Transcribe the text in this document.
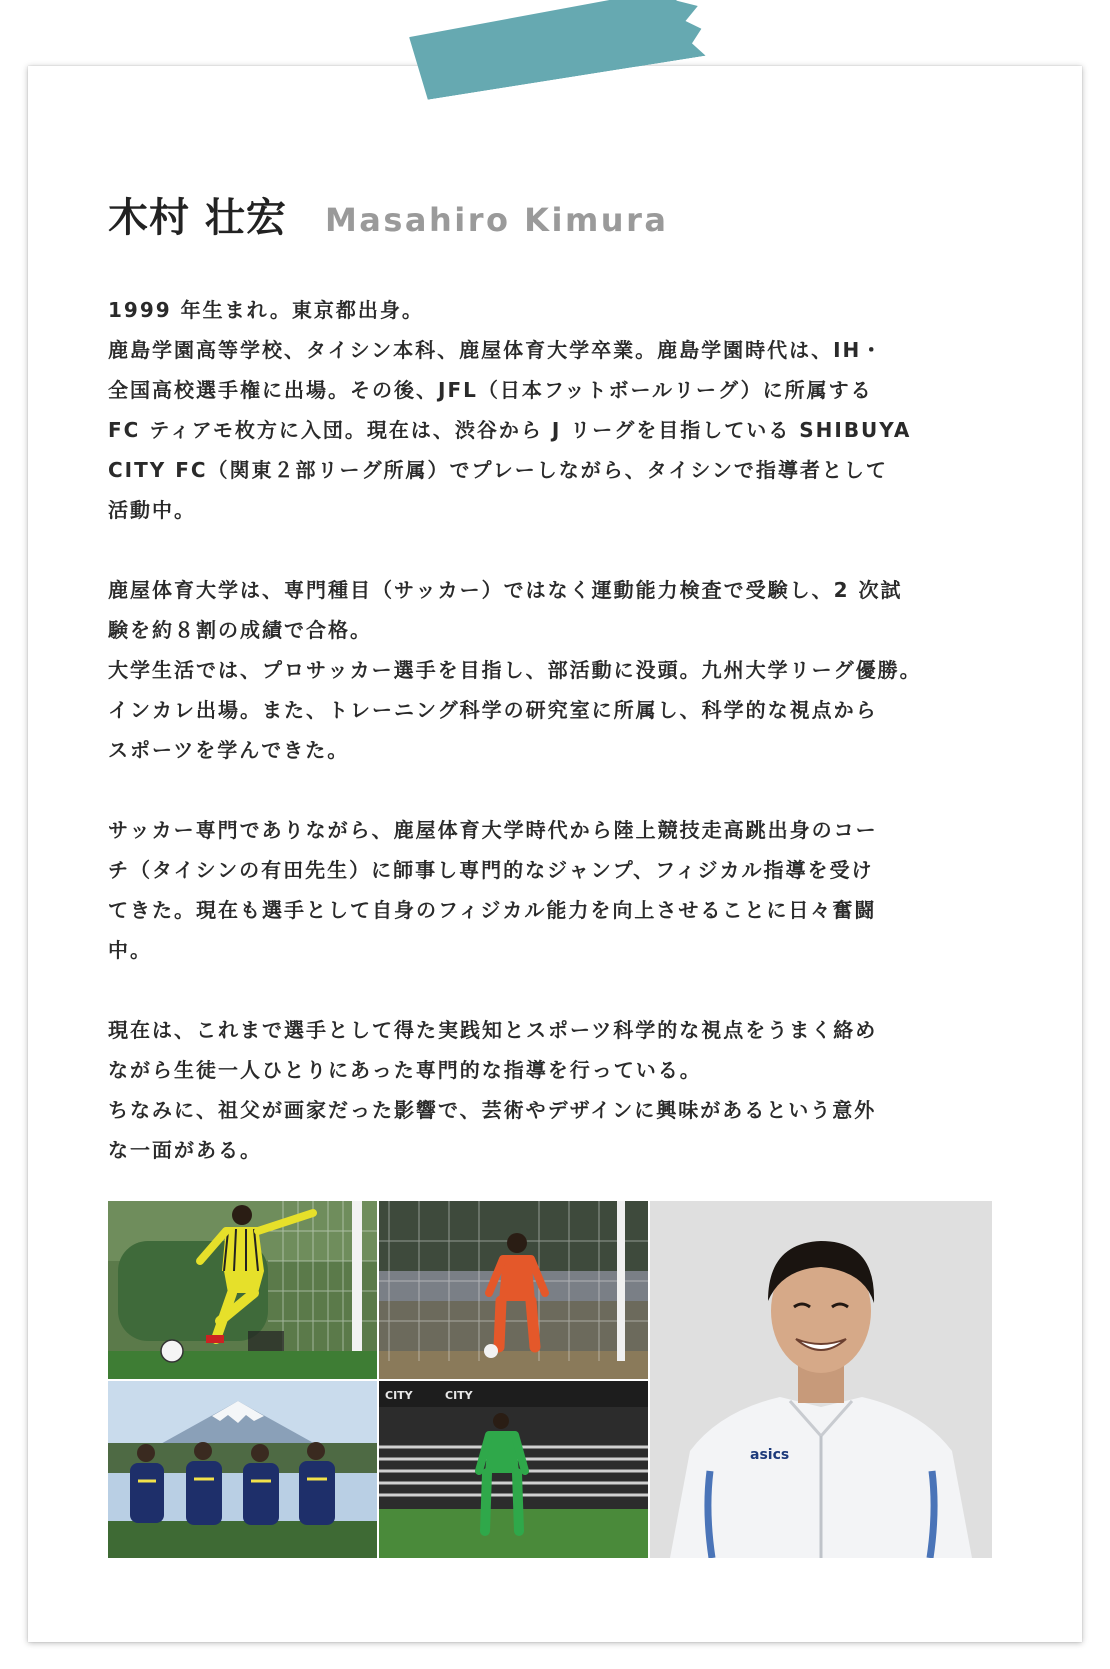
木村 壮宏 Masahiro Kimura
1999 年生まれ。東京都出身。
鹿島学園高等学校、タイシン本科、鹿屋体育大学卒業。鹿島学園時代は、IH・
全国高校選手権に出場。その後、JFL（日本フットボールリーグ）に所属する
FC ティアモ枚方に入団。現在は、渋谷から J リーグを目指している SHIBUYA
CITY FC（関東２部リーグ所属）でプレーしながら、タイシンで指導者として
活動中。
鹿屋体育大学は、専門種目（サッカー）ではなく運動能力検査で受験し、2 次試
験を約８割の成績で合格。
大学生活では、プロサッカー選手を目指し、部活動に没頭。九州大学リーグ優勝。
インカレ出場。また、トレーニング科学の研究室に所属し、科学的な視点から
スポーツを学んできた。
サッカー専門でありながら、鹿屋体育大学時代から陸上競技走高跳出身のコー
チ（タイシンの有田先生）に師事し専門的なジャンプ、フィジカル指導を受け
てきた。現在も選手として自身のフィジカル能力を向上させることに日々奮闘
中。
現在は、これまで選手として得た実践知とスポーツ科学的な視点をうまく絡め
ながら生徒一人ひとりにあった専門的な指導を行っている。
ちなみに、祖父が画家だった影響で、芸術やデザインに興味があるという意外
な一面がある。
asics
CITY	CITY
